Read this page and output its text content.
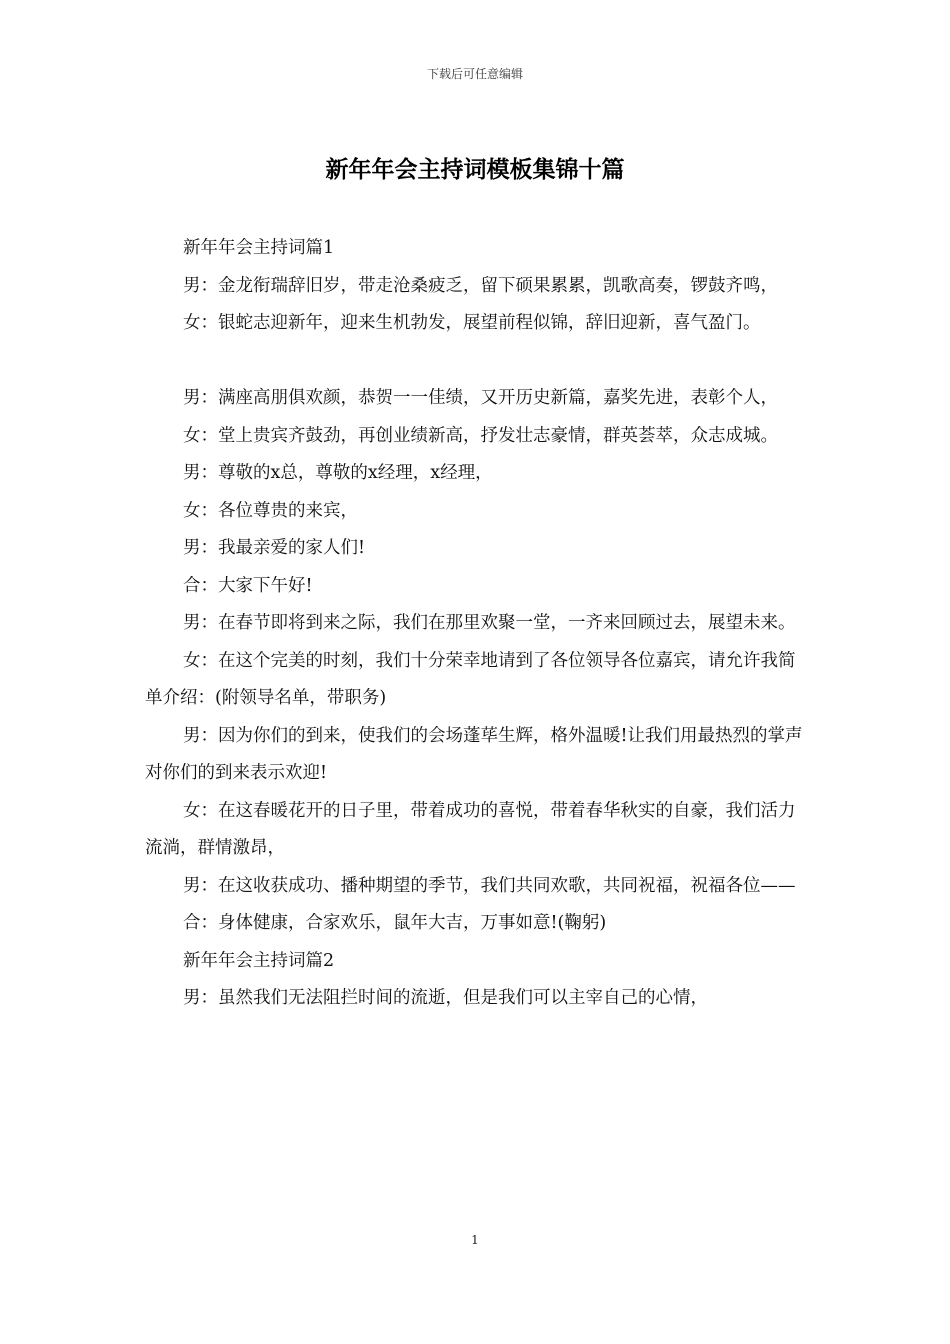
下载后可任意编辑
新年年会主持词模板集锦十篇

新年年会主持词篇1

男：金龙衔瑞辞旧岁，带走沧桑疲乏，留下硕果累累，凯歌高奏，锣鼓齐鸣，

女：银蛇志迎新年，迎来生机勃发，展望前程似锦，辞旧迎新，喜气盈门。

男：满座高朋俱欢颜，恭贺一一佳绩，又开历史新篇，嘉奖先进，表彰个人，

女：堂上贵宾齐鼓劲，再创业绩新高，抒发壮志豪情，群英荟萃，众志成城。

男：尊敬的x总，尊敬的x经理，x经理，

女：各位尊贵的来宾，

男：我最亲爱的家人们!

合：大家下午好!

男：在春节即将到来之际，我们在那里欢聚一堂，一齐来回顾过去，展望未来。

女：在这个完美的时刻，我们十分荣幸地请到了各位领导各位嘉宾，请允许我简单介绍：(附领导名单，带职务)

男：因为你们的到来，使我们的会场蓬荜生辉，格外温暖!让我们用最热烈的掌声对你们的到来表示欢迎!

女：在这春暖花开的日子里，带着成功的喜悦，带着春华秋实的自豪，我们活力流淌，群情激昂，

男：在这收获成功、播种期望的季节，我们共同欢歌，共同祝福，祝福各位——

合：身体健康，合家欢乐，鼠年大吉，万事如意!(鞠躬)

新年年会主持词篇2

男：虽然我们无法阻拦时间的流逝，但是我们可以主宰自己的心情，

1
